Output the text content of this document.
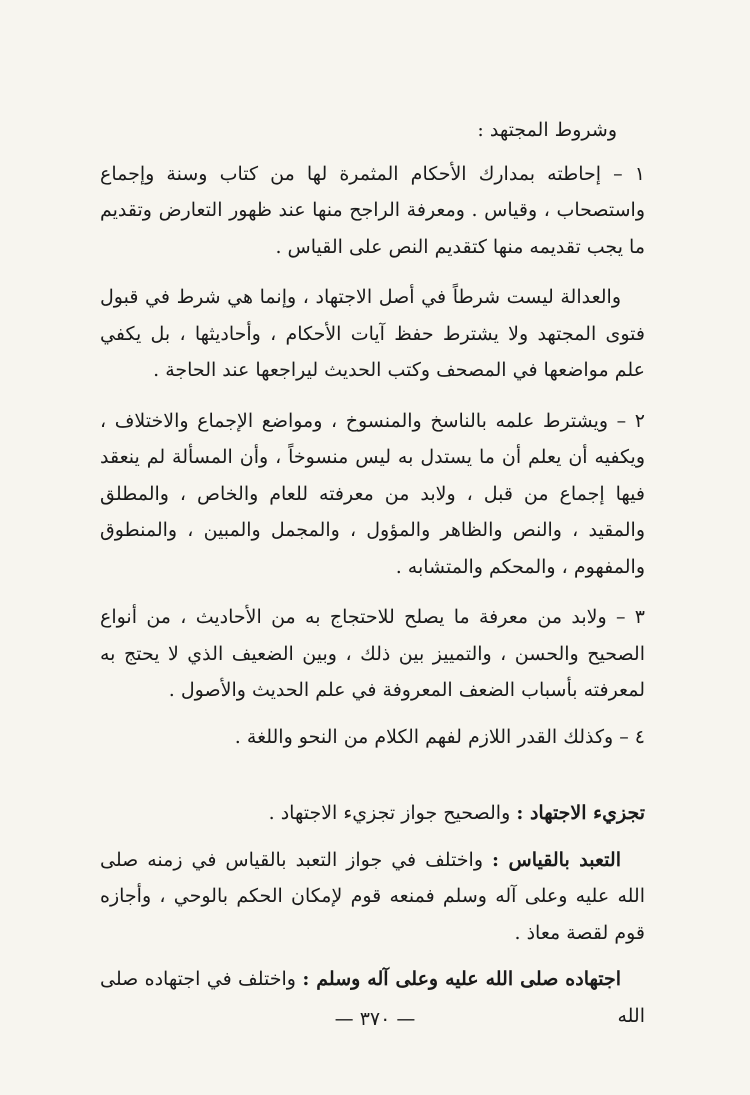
وشروط المجتهد :

١ – إحاطته بمدارك الأحكام المثمرة لها من كتاب وسنة وإجماع واستصحاب ، وقياس . ومعرفة الراجح منها عند ظهور التعارض وتقديم ما يجب تقديمه منها كتقديم النص على القياس .

والعدالة ليست شرطاً في أصل الاجتهاد ، وإنما هي شرط في قبول فتوى المجتهد ولا يشترط حفظ آيات الأحكام ، وأحاديثها ، بل يكفي علم مواضعها في المصحف وكتب الحديث ليراجعها عند الحاجة .

٢ – ويشترط علمه بالناسخ والمنسوخ ، ومواضع الإجماع والاختلاف ، ويكفيه أن يعلم أن ما يستدل به ليس منسوخاً ، وأن المسألة لم ينعقد فيها إجماع من قبل ، ولابد من معرفته للعام والخاص ، والمطلق والمقيد ، والنص والظاهر والمؤول ، والمجمل والمبين ، والمنطوق والمفهوم ، والمحكم والمتشابه .

٣ – ولابد من معرفة ما يصلح للاحتجاج به من الأحاديث ، من أنواع الصحيح والحسن ، والتمييز بين ذلك ، وبين الضعيف الذي لا يحتج به لمعرفته بأسباب الضعف المعروفة في علم الحديث والأصول .

٤ – وكذلك القدر اللازم لفهم الكلام من النحو واللغة .

تجزيء الاجتهاد : والصحيح جواز تجزيء الاجتهاد .

التعبد بالقياس : واختلف في جواز التعبد بالقياس في زمنه صلى الله عليه وعلى آله وسلم فمنعه قوم لإمكان الحكم بالوحي ، وأجازه قوم لقصة معاذ .

اجتهاده صلى الله عليه وعلى آله وسلم : واختلف في اجتهاده صلى الله

— ٣٧٠ —
